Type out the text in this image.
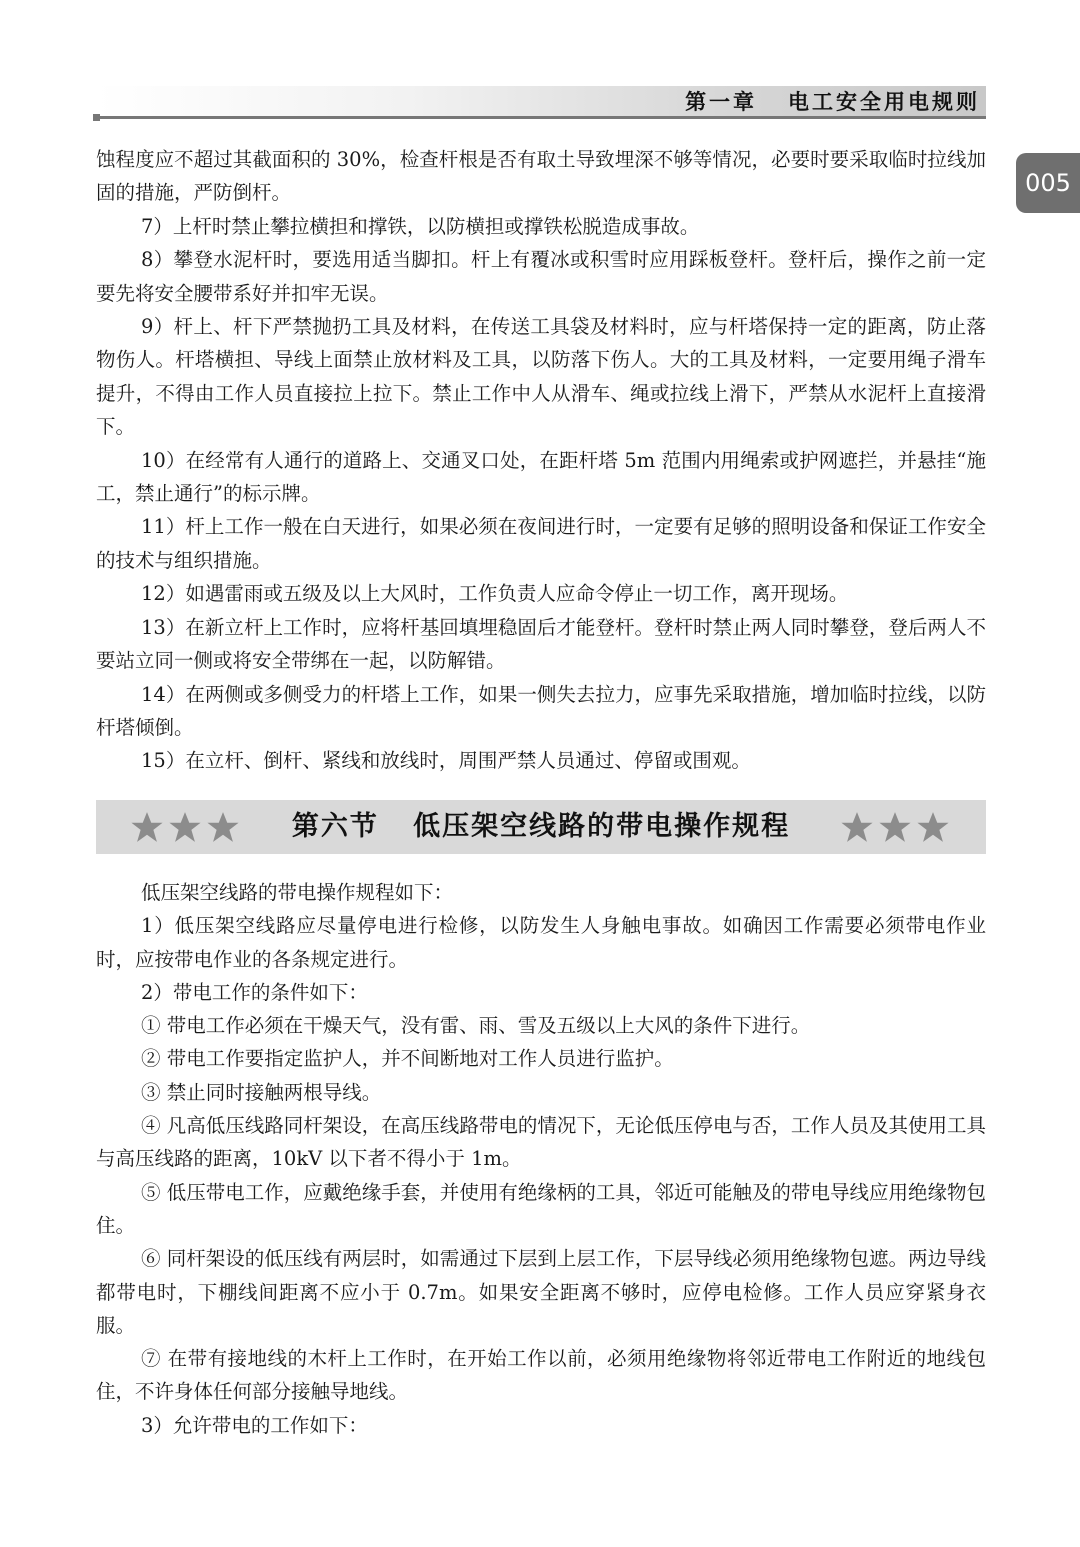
第一章   电工安全用电规则
005

蚀程度应不超过其截面积的 30%，检查杆根是否有取土导致埋深不够等情况，必要时要采取临时拉线加固的措施，严防倒杆。

7）上杆时禁止攀拉横担和撑铁，以防横担或撑铁松脱造成事故。

8）攀登水泥杆时，要选用适当脚扣。杆上有覆冰或积雪时应用踩板登杆。登杆后，操作之前一定要先将安全腰带系好并扣牢无误。

9）杆上、杆下严禁抛扔工具及材料，在传送工具袋及材料时，应与杆塔保持一定的距离，防止落物伤人。杆塔横担、导线上面禁止放材料及工具，以防落下伤人。大的工具及材料，一定要用绳子滑车提升，不得由工作人员直接拉上拉下。禁止工作中人从滑车、绳或拉线上滑下，严禁从水泥杆上直接滑下。

10）在经常有人通行的道路上、交通叉口处，在距杆塔 5m 范围内用绳索或护网遮拦，并悬挂“施工，禁止通行”的标示牌。

11）杆上工作一般在白天进行，如果必须在夜间进行时，一定要有足够的照明设备和保证工作安全的技术与组织措施。

12）如遇雷雨或五级及以上大风时，工作负责人应命令停止一切工作，离开现场。

13）在新立杆上工作时，应将杆基回填埋稳固后才能登杆。登杆时禁止两人同时攀登，登后两人不要站立同一侧或将安全带绑在一起，以防解错。

14）在两侧或多侧受力的杆塔上工作，如果一侧失去拉力，应事先采取措施，增加临时拉线，以防杆塔倾倒。

15）在立杆、倒杆、紧线和放线时，周围严禁人员通过、停留或围观。

第六节   低压架空线路的带电操作规程

低压架空线路的带电操作规程如下：

1）低压架空线路应尽量停电进行检修，以防发生人身触电事故。如确因工作需要必须带电作业时，应按带电作业的各条规定进行。

2）带电工作的条件如下：

① 带电工作必须在干燥天气，没有雷、雨、雪及五级以上大风的条件下进行。

② 带电工作要指定监护人，并不间断地对工作人员进行监护。

③ 禁止同时接触两根导线。

④ 凡高低压线路同杆架设，在高压线路带电的情况下，无论低压停电与否，工作人员及其使用工具与高压线路的距离，10kV 以下者不得小于 1m。

⑤ 低压带电工作，应戴绝缘手套，并使用有绝缘柄的工具，邻近可能触及的带电导线应用绝缘物包住。

⑥ 同杆架设的低压线有两层时，如需通过下层到上层工作，下层导线必须用绝缘物包遮。两边导线都带电时，下棚线间距离不应小于 0.7m。如果安全距离不够时，应停电检修。工作人员应穿紧身衣服。

⑦ 在带有接地线的木杆上工作时，在开始工作以前，必须用绝缘物将邻近带电工作附近的地线包住，不许身体任何部分接触导地线。

3）允许带电的工作如下：
